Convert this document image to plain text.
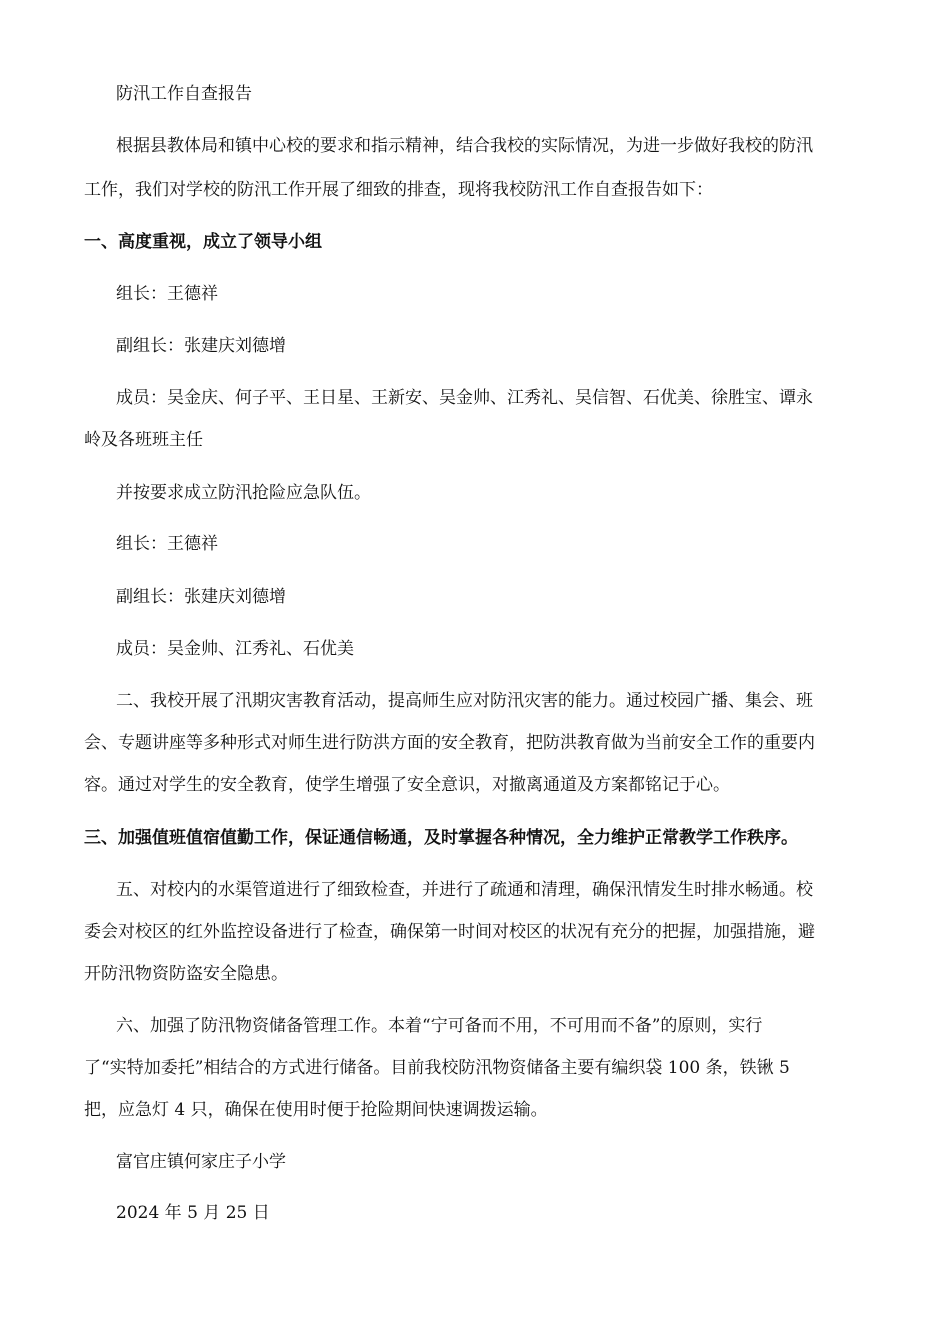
防汛工作自查报告
根据县教体局和镇中心校的要求和指示精神，结合我校的实际情况，为进一步做好我校的防汛
工作，我们对学校的防汛工作开展了细致的排查，现将我校防汛工作自查报告如下：
一、高度重视，成立了领导小组
组长：王德祥
副组长：张建庆刘德增
成员：吴金庆、何子平、王日星、王新安、吴金帅、江秀礼、吴信智、石优美、徐胜宝、谭永
岭及各班班主任
并按要求成立防汛抢险应急队伍。
组长：王德祥
副组长：张建庆刘德增
成员：吴金帅、江秀礼、石优美
二、我校开展了汛期灾害教育活动，提高师生应对防汛灾害的能力。通过校园广播、集会、班
会、专题讲座等多种形式对师生进行防洪方面的安全教育，把防洪教育做为当前安全工作的重要内
容。通过对学生的安全教育，使学生增强了安全意识，对撤离通道及方案都铭记于心。
三、加强值班值宿值勤工作，保证通信畅通，及时掌握各种情况，全力维护正常教学工作秩序。
五、对校内的水渠管道进行了细致检查，并进行了疏通和清理，确保汛情发生时排水畅通。校
委会对校区的红外监控设备进行了检查，确保第一时间对校区的状况有充分的把握，加强措施，避
开防汛物资防盗安全隐患。
六、加强了防汛物资储备管理工作。本着“宁可备而不用，不可用而不备”的原则，实行
了“实特加委托”相结合的方式进行储备。目前我校防汛物资储备主要有编织袋 100 条，铁锹 5
把，应急灯 4 只，确保在使用时便于抢险期间快速调拨运输。
富官庄镇何家庄子小学
2024 年 5 月 25 日
